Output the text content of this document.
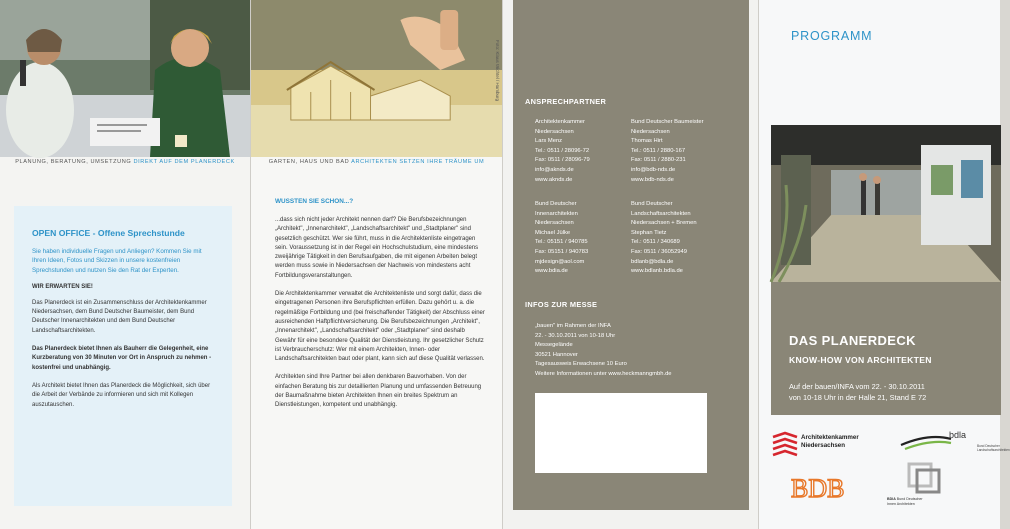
PLANUNG, BERATUNG, UMSETZUNG DIREKT AUF DEM PLANERDECK
OPEN OFFICE - Offene Sprechstunde
Sie haben individuelle Fragen und Anliegen? Kommen Sie mit Ihren Ideen, Fotos und Skizzen in unsere kostenfreien Sprechstunden und nutzen Sie den Rat der Experten.
WIR ERWARTEN SIE!
Das Planerdeck ist ein Zusammenschluss der Architektenkammer Niedersachsen, dem Bund Deutscher Baumeister, dem Bund Deutscher Innenarchitekten und dem Bund Deutscher Landschaftsarchitekten.
Das Planerdeck bietet Ihnen als Bauherr die Gelegenheit, eine Kurzberatung von 30 Minuten vor Ort in Anspruch zu nehmen - kostenfrei und unabhängig.
Als Architekt bietet Ihnen das Planerdeck die Möglichkeit, sich über die Arbeit der Verbände zu informieren und sich mit Kollegen auszutauschen.
Foto: Klaus Wichtel / Hamburg
GARTEN, HAUS UND BAD ARCHITEKTEN SETZEN IHRE TRÄUME UM
WUSSTEN SIE SCHON...?
...dass sich nicht jeder Architekt nennen darf? Die Berufsbezeichnungen „Architekt", „Innenarchitekt", „Landschaftsarchitekt" und „Stadtplaner" sind gesetzlich geschützt. Wer sie führt, muss in die Architektenliste eingetragen sein. Voraussetzung ist in der Regel ein Hochschulstudium, eine mindestens zweijährige Tätigkeit in den Berufsaufgaben, die mit eigenen Arbeiten belegt werden muss sowie in Niedersachsen der Nachweis von mindestens acht Fortbildungsveranstaltungen.
Die Architektenkammer verwaltet die Architektenliste und sorgt dafür, dass die eingetragenen Personen ihre Berufspflichten erfüllen. Dazu gehört u. a. die regelmäßige Fortbildung und (bei freischaffender Tätigkeit) der Abschluss einer ausreichenden Haftpflichtversicherung. Die Berufsbezeichnungen „Architekt", „Innenarchitekt", „Landschaftsarchitekt" oder „Stadtplaner" sind deshalb Gewähr für eine besondere Qualität der Dienstleistung. Ihr gesetzlicher Schutz ist Verbraucherschutz: Wer mit einem Architekten, Innen- oder Landschaftsarchitekten baut oder plant, kann sich auf diese Qualität verlassen.
Architekten sind Ihre Partner bei allen denkbaren Bauvorhaben. Von der einfachen Beratung bis zur detaillierten Planung und umfassenden Betreuung der Baumaßnahme bieten Architekten Ihnen ein breites Spektrum an Dienstleistungen, kompetent und unabhängig.
ANSPRECHPARTNER
Architektenkammer
Niedersachsen
Lars Menz
Tel.: 0511 / 28096-72
Fax: 0511 / 28096-79
info@aknds.de
www.aknds.de
Bund Deutscher Baumeister
Niedersachsen
Thomas Hirt
Tel.: 0511 / 2880-167
Fax: 0511 / 2880-231
info@bdb-nds.de
www.bdb-nds.de
Bund Deutscher
Innenarchitekten
Niedersachsen
Michael Jülke
Tel.: 05151 / 940785
Fax: 05151 / 940783
mjdesign@aol.com
www.bdia.de
Bund Deutscher
Landschaftsarchitekten
Niedersachsen + Bremen
Stephan Tietz
Tel.: 0511 / 340689
Fax: 0511 / 36052949
bdlanb@bdla.de
www.bdlanb.bdla.de
INFOS ZUR MESSE
„bauen" im Rahmen der INFA
22. - 30.10.2011 von 10-18 Uhr
Messegelände
30521 Hannover
Tagesausweis Erwachsene 10 Euro
Weitere Informationen unter www.heckmanngmbh.de
PROGRAMM
DAS PLANERDECK
KNOW-HOW VON ARCHITEKTEN
Auf der bauen/INFA vom 22. - 30.10.2011
von 10-18 Uhr in der Halle 21, Stand E 72
Architektenkammer
Niedersachsen
bdla
Bund Deutscher Landschaftsarchitekten
BDB	BDIA Bund Deutscher Innen Architekten
